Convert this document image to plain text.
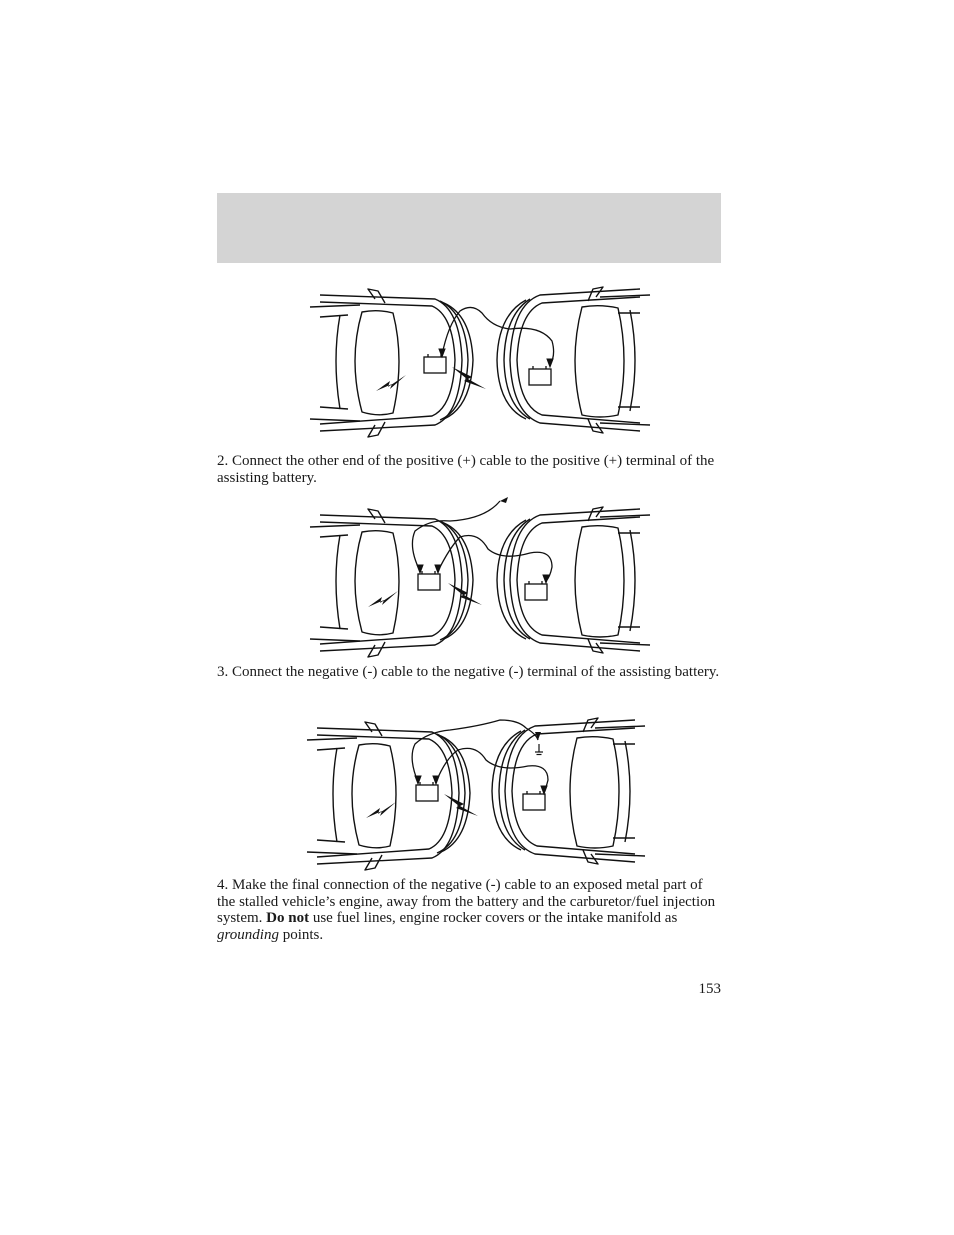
2. Connect the other end of the positive (+) cable to the positive (+) terminal of the assisting battery.
3. Connect the negative (-) cable to the negative (-) terminal of the assisting battery.
4. Make the final connection of the negative (-) cable to an exposed metal part of the stalled vehicle’s engine, away from the battery and the carburetor/fuel injection system. Do not use fuel lines, engine rocker covers or the intake manifold as grounding points.
153
